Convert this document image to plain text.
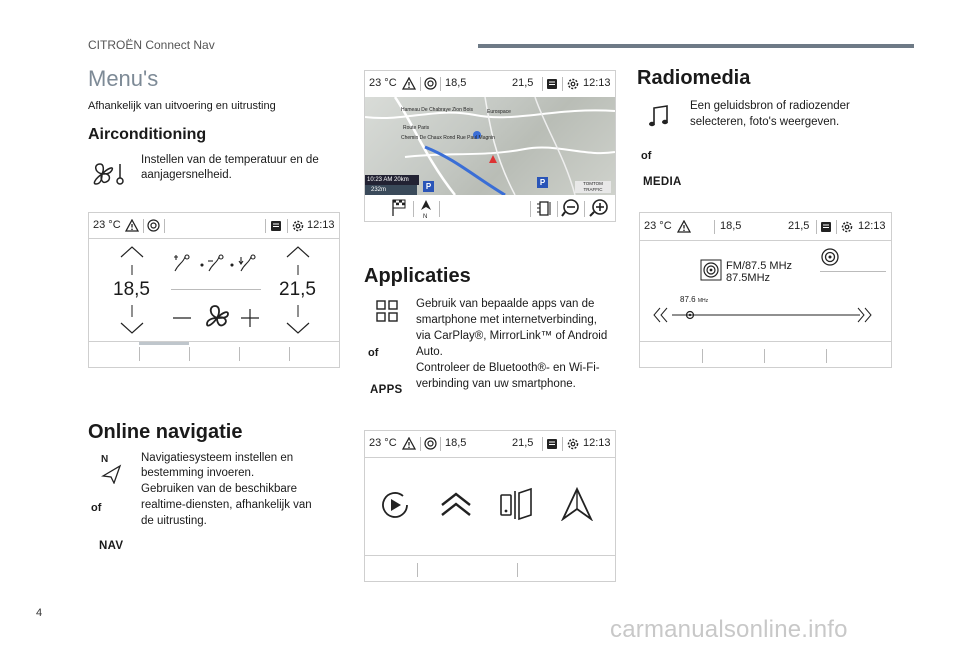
CITROËN Connect Nav
Menu's
Afhankelijk van uitvoering en uitrusting
Airconditioning
Instellen van de temperatuur en de
aanjagersnelheid.
23 °C	12:13
18,5	21,5
Online navigatie
N
of
NAV
Navigatiesysteem instellen en
bestemming invoeren.
Gebruiken van de beschikbare
realtime-diensten, afhankelijk van
de uitrusting.
23 °C	18,5	21,5	12:13
Hameau De Chabraye Zion Bois	Eurospace
Route Paris
Chemin De Chaux Rond Rue Paul Magnin
10:23 AM 20km
232m	P	P	TOMTOM TRAFFIC
N
Applicaties
of
APPS
Gebruik van bepaalde apps van de
smartphone met internetverbinding,
via CarPlay®, MirrorLink™ of Android
Auto.
Controleer de Bluetooth®- en Wi-Fi-
verbinding van uw smartphone.
23 °C	18,5	21,5	12:13
Radiomedia
of
MEDIA
Een geluidsbron of radiozender
selecteren, foto's weergeven.
23 °C	18,5	21,5	12:13
FM/87.5 MHz
87.5MHz
87.6 MHz
4
carmanualsonline.info
